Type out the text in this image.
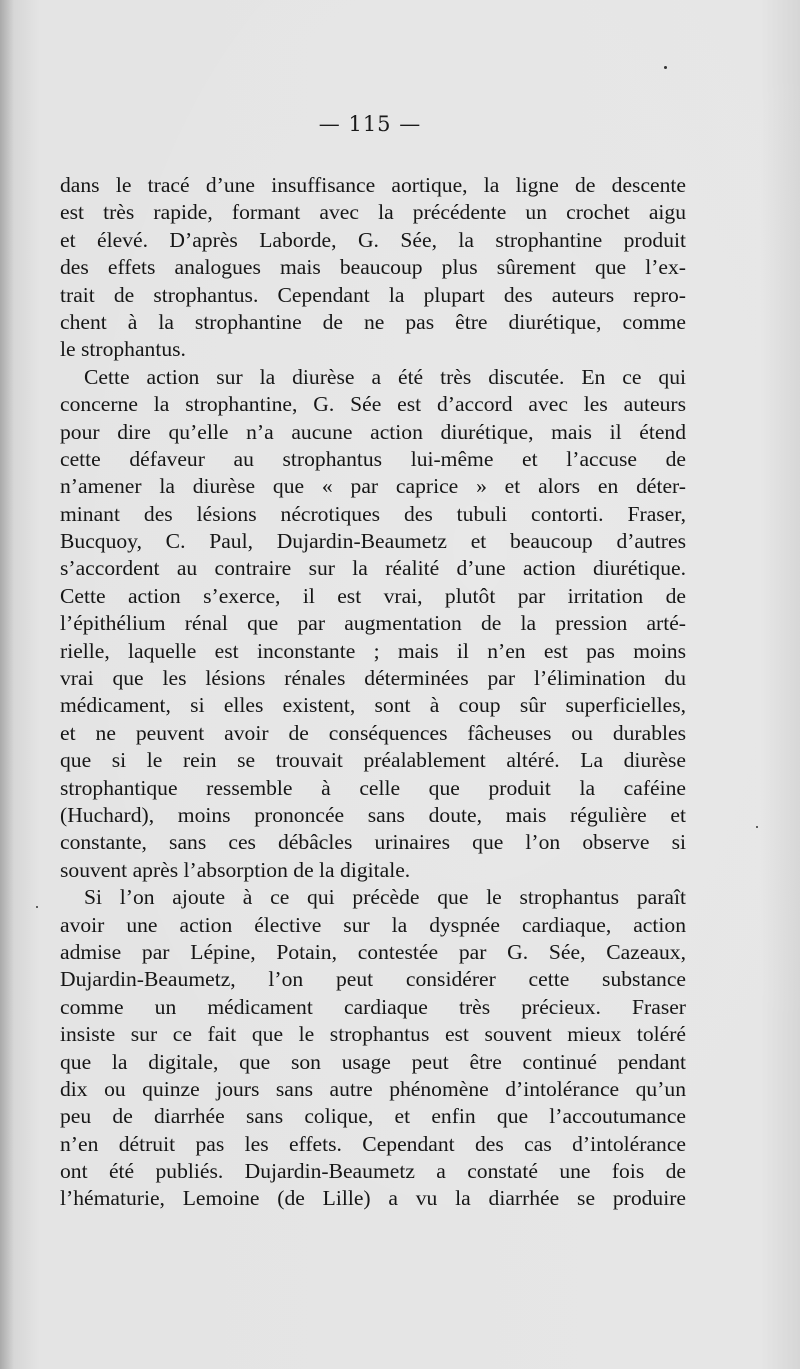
— 115 —
dans le tracé d’une insuffisance aortique, la ligne de descente
est très rapide, formant avec la précédente un crochet aigu
et élevé. D’après Laborde, G. Sée, la strophantine produit
des effets analogues mais beaucoup plus sûrement que l’ex-
trait de strophantus. Cependant la plupart des auteurs repro-
chent à la strophantine de ne pas être diurétique, comme
le strophantus.
Cette action sur la diurèse a été très discutée. En ce qui
concerne la strophantine, G. Sée est d’accord avec les auteurs
pour dire qu’elle n’a aucune action diurétique, mais il étend
cette défaveur au strophantus lui-même et l’accuse de
n’amener la diurèse que « par caprice » et alors en déter-
minant des lésions nécrotiques des tubuli contorti. Fraser,
Bucquoy, C. Paul, Dujardin-Beaumetz et beaucoup d’autres
s’accordent au contraire sur la réalité d’une action diurétique.
Cette action s’exerce, il est vrai, plutôt par irritation de
l’épithélium rénal que par augmentation de la pression arté-
rielle, laquelle est inconstante ; mais il n’en est pas moins
vrai que les lésions rénales déterminées par l’élimination du
médicament, si elles existent, sont à coup sûr superficielles,
et ne peuvent avoir de conséquences fâcheuses ou durables
que si le rein se trouvait préalablement altéré. La diurèse
strophantique ressemble à celle que produit la caféine
(Huchard), moins prononcée sans doute, mais régulière et
constante, sans ces débâcles urinaires que l’on observe si
souvent après l’absorption de la digitale.
Si l’on ajoute à ce qui précède que le strophantus paraît
avoir une action élective sur la dyspnée cardiaque, action
admise par Lépine, Potain, contestée par G. Sée, Cazeaux,
Dujardin-Beaumetz, l’on peut considérer cette substance
comme un médicament cardiaque très précieux. Fraser
insiste sur ce fait que le strophantus est souvent mieux toléré
que la digitale, que son usage peut être continué pendant
dix ou quinze jours sans autre phénomène d’intolérance qu’un
peu de diarrhée sans colique, et enfin que l’accoutumance
n’en détruit pas les effets. Cependant des cas d’intolérance
ont été publiés. Dujardin-Beaumetz a constaté une fois de
l’hématurie, Lemoine (de Lille) a vu la diarrhée se produire
